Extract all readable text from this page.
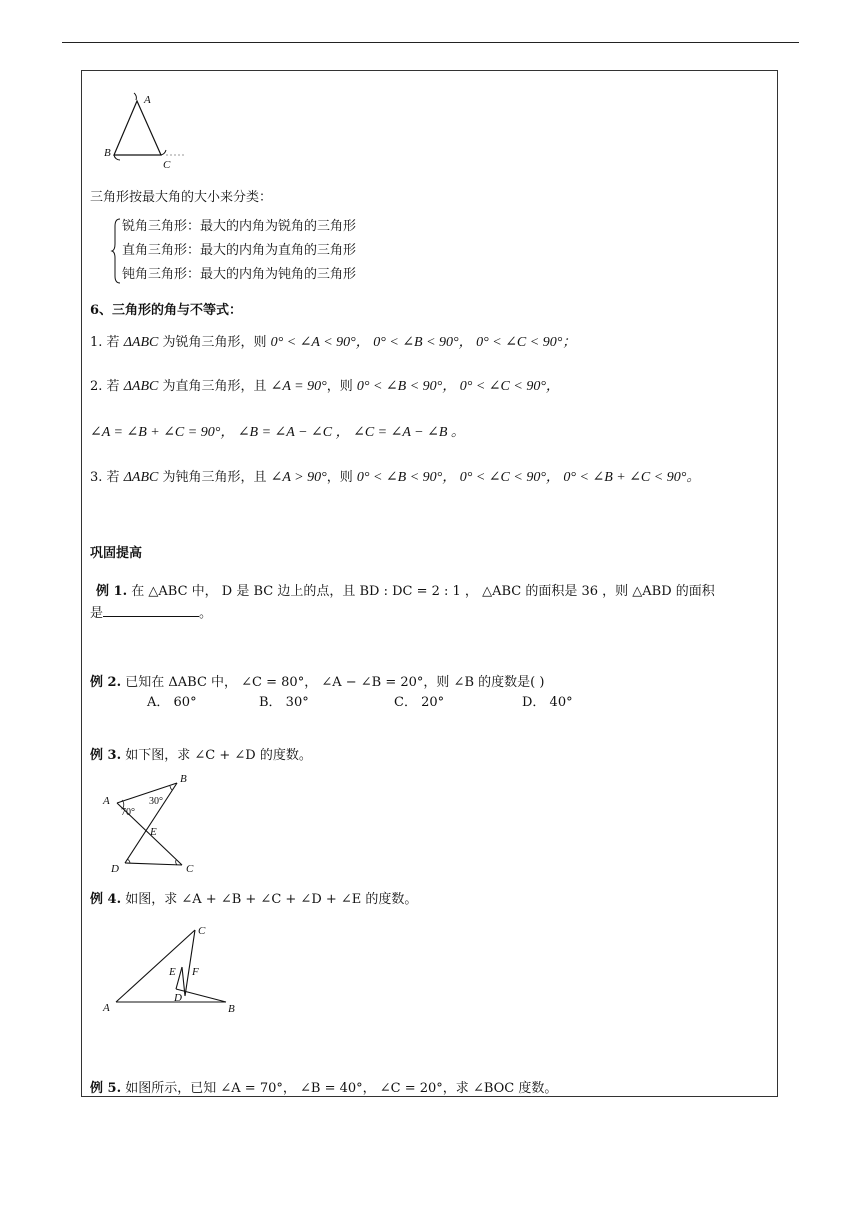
A
B
C
三角形按最大角的大小来分类：
锐角三角形：最大的内角为锐角的三角形
直角三角形：最大的内角为直角的三角形
钝角三角形：最大的内角为钝角的三角形
6、三角形的角与不等式：
1. 若 ΔABC 为锐角三角形，则 0° < ∠A < 90°， 0° < ∠B < 90°， 0° < ∠C < 90°；
2. 若 ΔABC 为直角三角形，且 ∠A = 90°，则 0° < ∠B < 90°， 0° < ∠C < 90°，
∠A = ∠B + ∠C = 90°， ∠B = ∠A − ∠C ， ∠C = ∠A − ∠B 。
3. 若 ΔABC 为钝角三角形，且 ∠A > 90°，则 0° < ∠B < 90°， 0° < ∠C < 90°， 0° < ∠B + ∠C < 90°。
巩固提高
例 1. 在 △ABC 中， D 是 BC 边上的点，且 BD : DC = 2 : 1 ， △ABC 的面积是 36 ，则 △ABD 的面积
是	。
例 2. 已知在 ΔABC 中， ∠C = 80°， ∠A − ∠B = 20°，则 ∠B 的度数是( )
A． 60°	B． 30°	C． 20°	D． 40°
例 3. 如下图，求 ∠C + ∠D 的度数。
A
B
C
D
E
70°
30°
例 4. 如图，求 ∠A + ∠B + ∠C + ∠D + ∠E 的度数。
A	B
C
D
E F
例 5. 如图所示，已知 ∠A = 70°， ∠B = 40°， ∠C = 20°，求 ∠BOC 度数。
